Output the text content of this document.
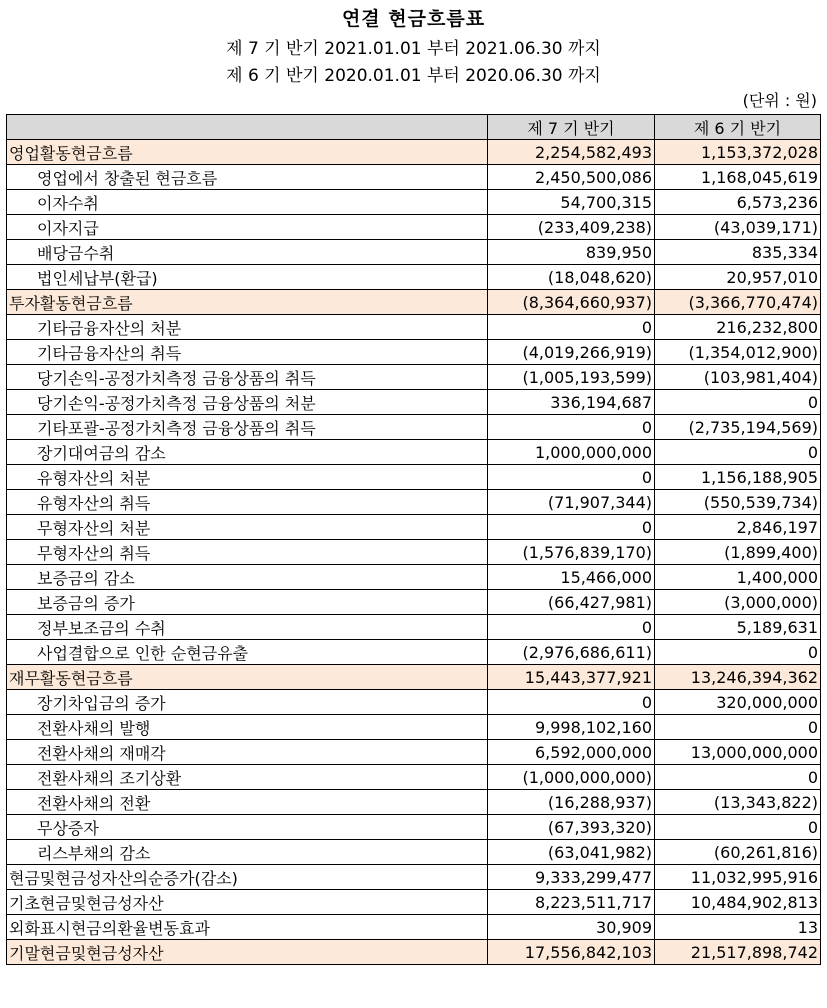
연결 현금흐름표
제 7 기 반기 2021.01.01 부터 2021.06.30 까지
제 6 기 반기 2020.01.01 부터 2020.06.30 까지
(단위 : 원)
	제 7 기 반기	제 6 기 반기
영업활동현금흐름	2,254,582,493	1,153,372,028
영업에서 창출된 현금흐름	2,450,500,086	1,168,045,619
이자수취	54,700,315	6,573,236
이자지급	(233,409,238)	(43,039,171)
배당금수취	839,950	835,334
법인세납부(환급)	(18,048,620)	20,957,010
투자활동현금흐름	(8,364,660,937)	(3,366,770,474)
기타금융자산의 처분	0	216,232,800
기타금융자산의 취득	(4,019,266,919)	(1,354,012,900)
당기손익-공정가치측정 금융상품의 취득	(1,005,193,599)	(103,981,404)
당기손익-공정가치측정 금융상품의 처분	336,194,687	0
기타포괄-공정가치측정 금융상품의 취득	0	(2,735,194,569)
장기대여금의 감소	1,000,000,000	0
유형자산의 처분	0	1,156,188,905
유형자산의 취득	(71,907,344)	(550,539,734)
무형자산의 처분	0	2,846,197
무형자산의 취득	(1,576,839,170)	(1,899,400)
보증금의 감소	15,466,000	1,400,000
보증금의 증가	(66,427,981)	(3,000,000)
정부보조금의 수취	0	5,189,631
사업결합으로 인한 순현금유출	(2,976,686,611)	0
재무활동현금흐름	15,443,377,921	13,246,394,362
장기차입금의 증가	0	320,000,000
전환사채의 발행	9,998,102,160	0
전환사채의 재매각	6,592,000,000	13,000,000,000
전환사채의 조기상환	(1,000,000,000)	0
전환사채의 전환	(16,288,937)	(13,343,822)
무상증자	(67,393,320)	0
리스부채의 감소	(63,041,982)	(60,261,816)
현금및현금성자산의순증가(감소)	9,333,299,477	11,032,995,916
기초현금및현금성자산	8,223,511,717	10,484,902,813
외화표시현금의환율변동효과	30,909	13
기말현금및현금성자산	17,556,842,103	21,517,898,742
